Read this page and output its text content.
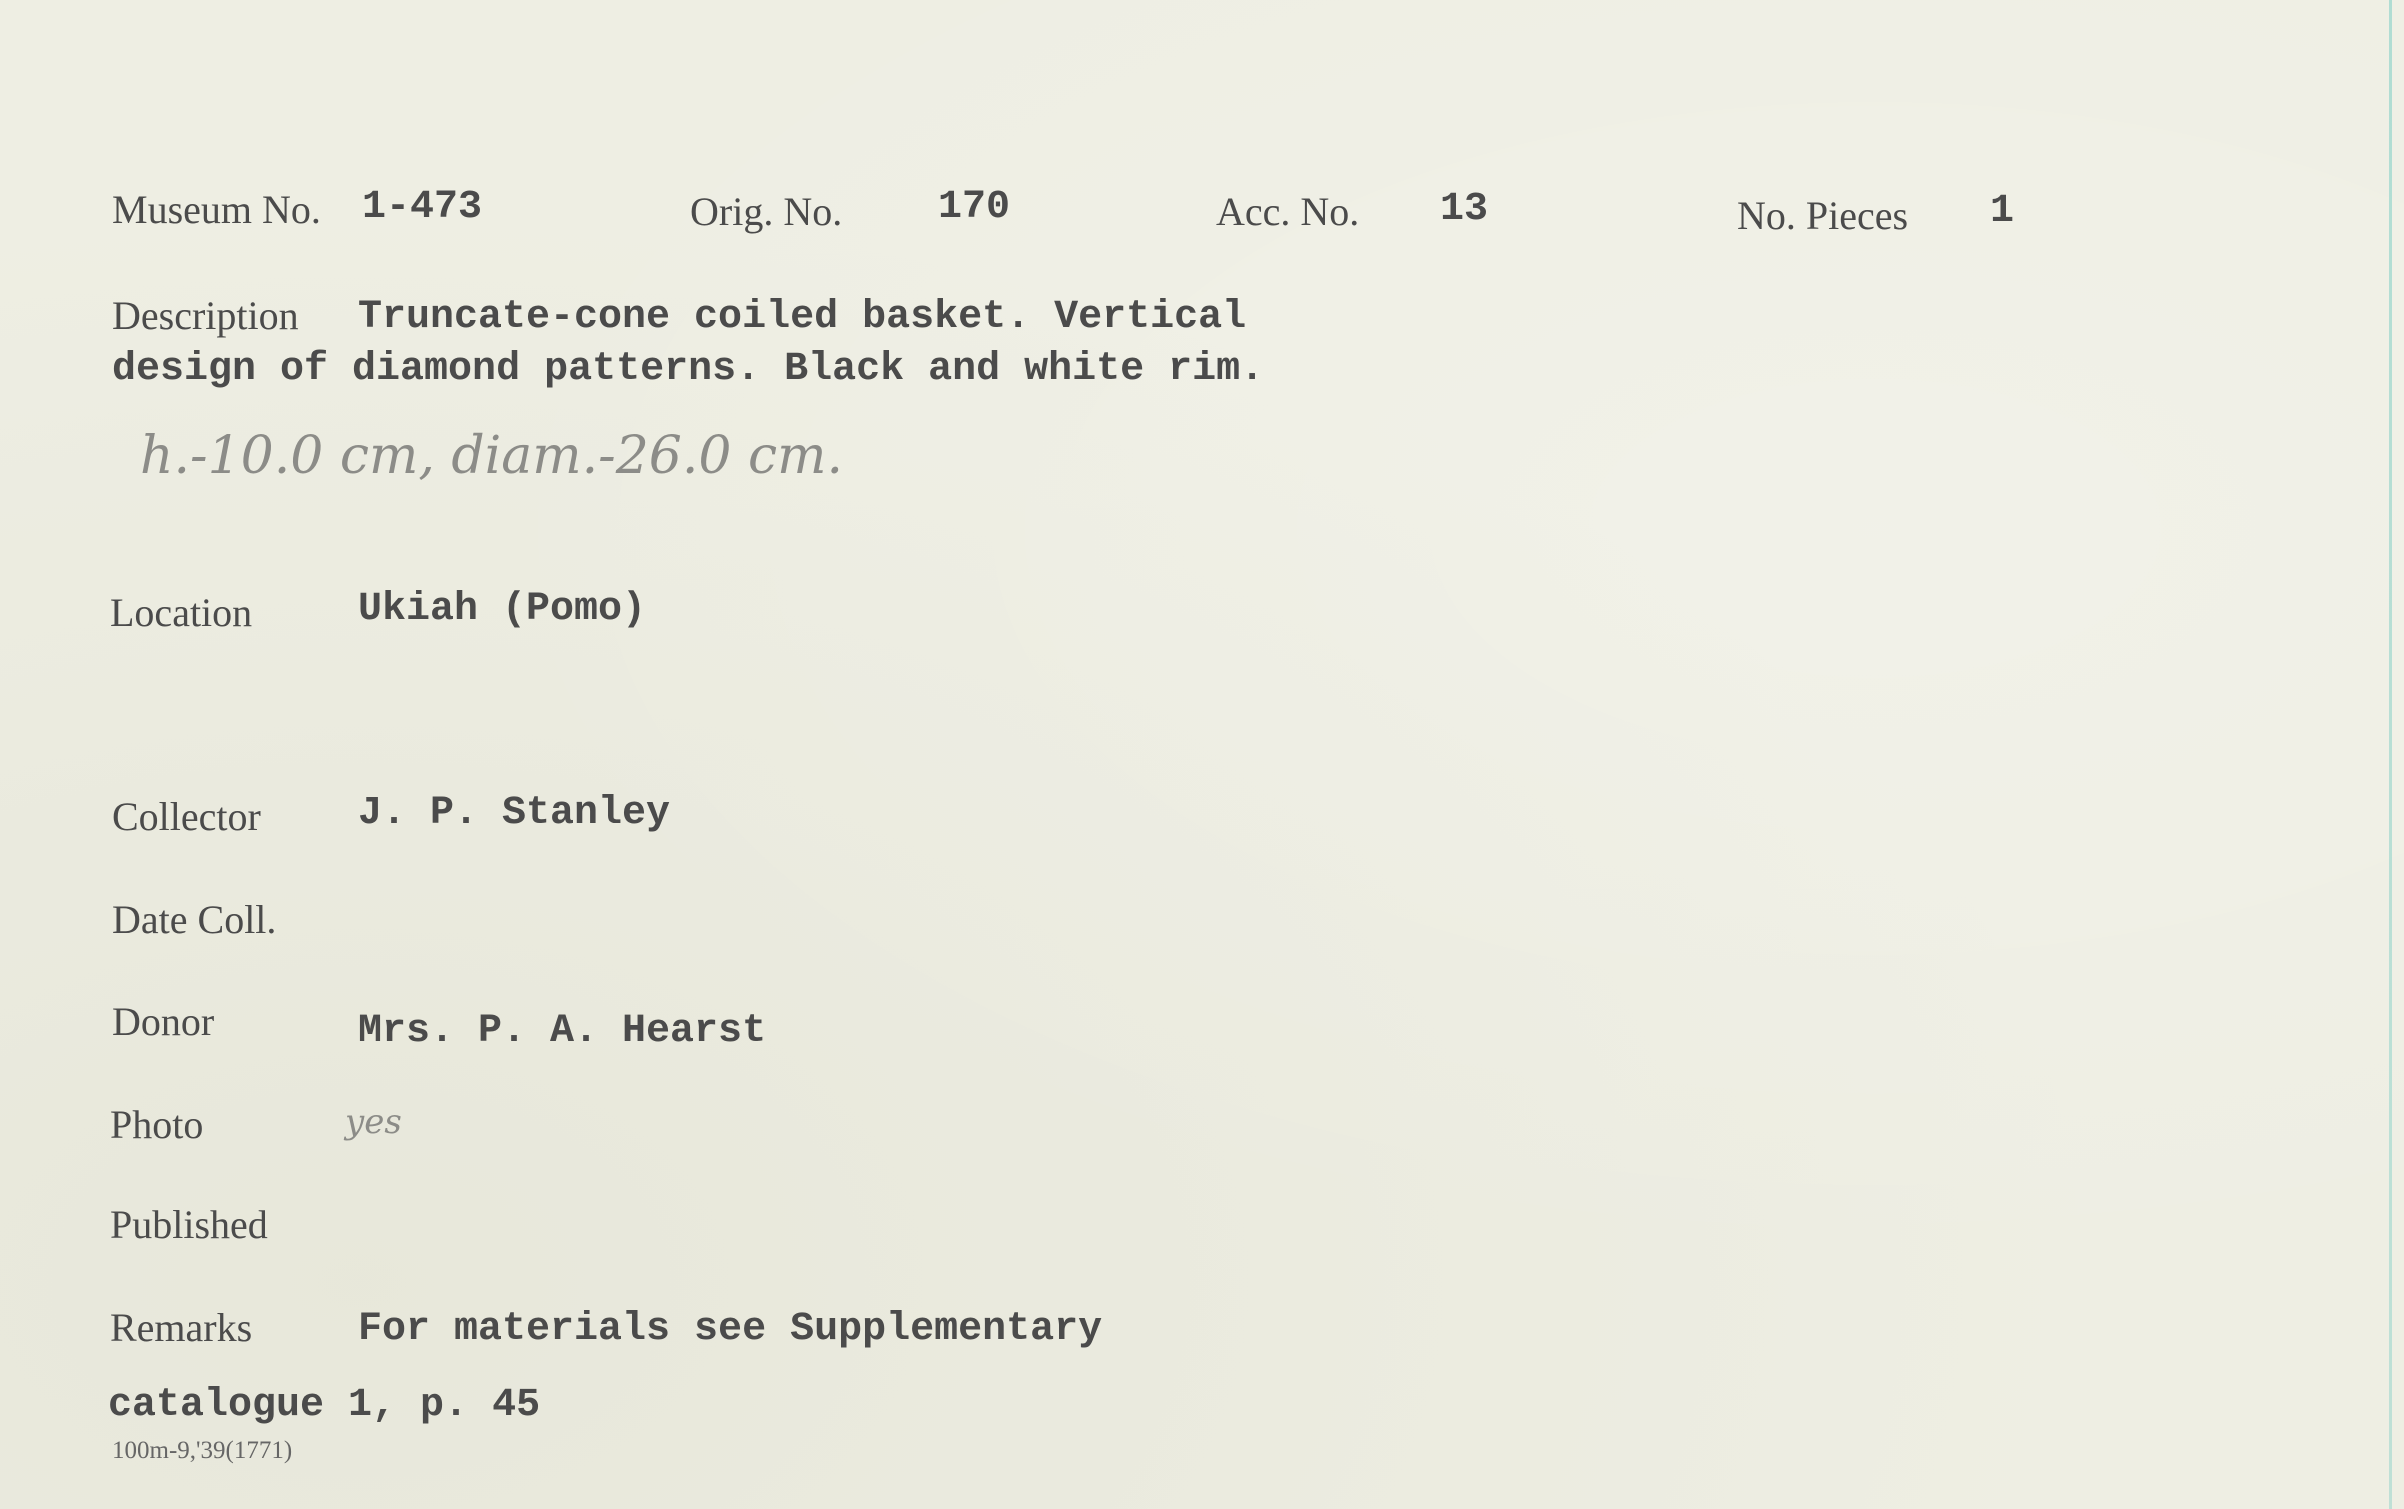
Museum No. 1-473	Orig. No. 170	Acc. No. 13	No. Pieces 1
Description Truncate-cone coiled basket. Vertical
design of diamond patterns. Black and white rim.
h.-10.0 cm, diam.-26.0 cm.
Location	Ukiah (Pomo)
Collector J. P. Stanley
Date Coll.
Donor	Mrs. P. A. Hearst
Photo	yes
Published
Remarks	For materials see Supplementary
catalogue 1, p. 45
100m-9,'39(1771)
